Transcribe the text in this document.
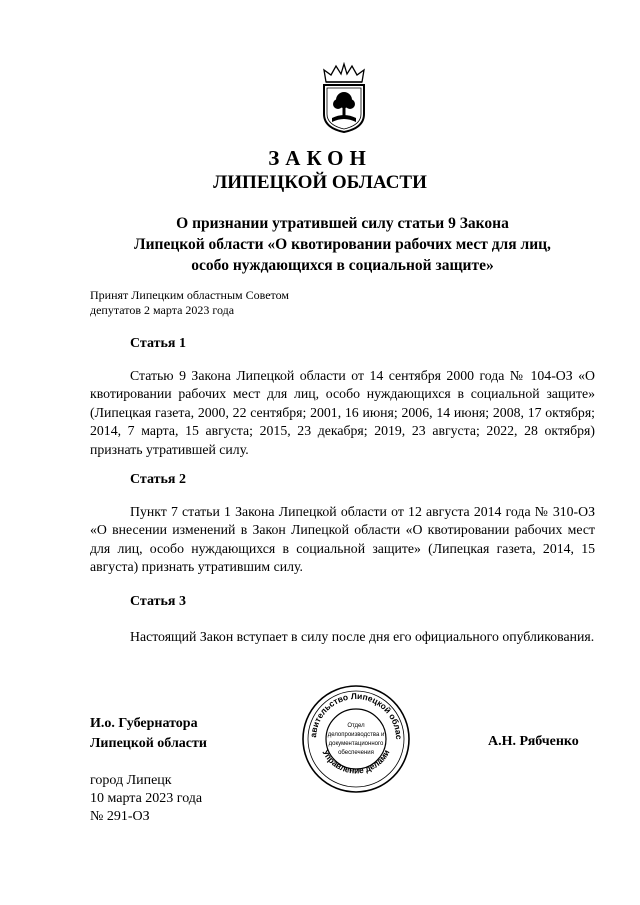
ЗАКОН
ЛИПЕЦКОЙ ОБЛАСТИ
О признании утратившей силу статьи 9 Закона
Липецкой области «О квотировании рабочих мест для лиц,
особо нуждающихся в социальной защите»
Принят Липецким областным Советом
депутатов 2 марта 2023 года
Статья 1
Статью 9 Закона Липецкой области от 14 сентября 2000 года № 104-ОЗ «О квотировании рабочих мест для лиц, особо нуждающихся в социальной защите» (Липецкая газета, 2000, 22 сентября; 2001, 16 июня; 2006, 14 июня; 2008, 17 октября; 2014, 7 марта, 15 августа; 2015, 23 декабря; 2019, 23 августа; 2022, 28 октября) признать утратившей силу.
Статья 2
Пункт 7 статьи 1 Закона Липецкой области от 12 августа 2014 года № 310-ОЗ «О внесении изменений в Закон Липецкой области «О квотировании рабочих мест для лиц, особо нуждающихся в социальной защите» (Липецкая газета, 2014, 15 августа) признать утратившим силу.
Статья 3
Настоящий Закон вступает в силу после дня его официального опубликования.
И.о. Губернатора
Липецкой области	А.Н. Рябченко
авительство Липецкой облас
Управление делами
Отдел
делопроизводства и
документационного
обеспечения
город Липецк
10 марта 2023 года
№ 291-ОЗ
